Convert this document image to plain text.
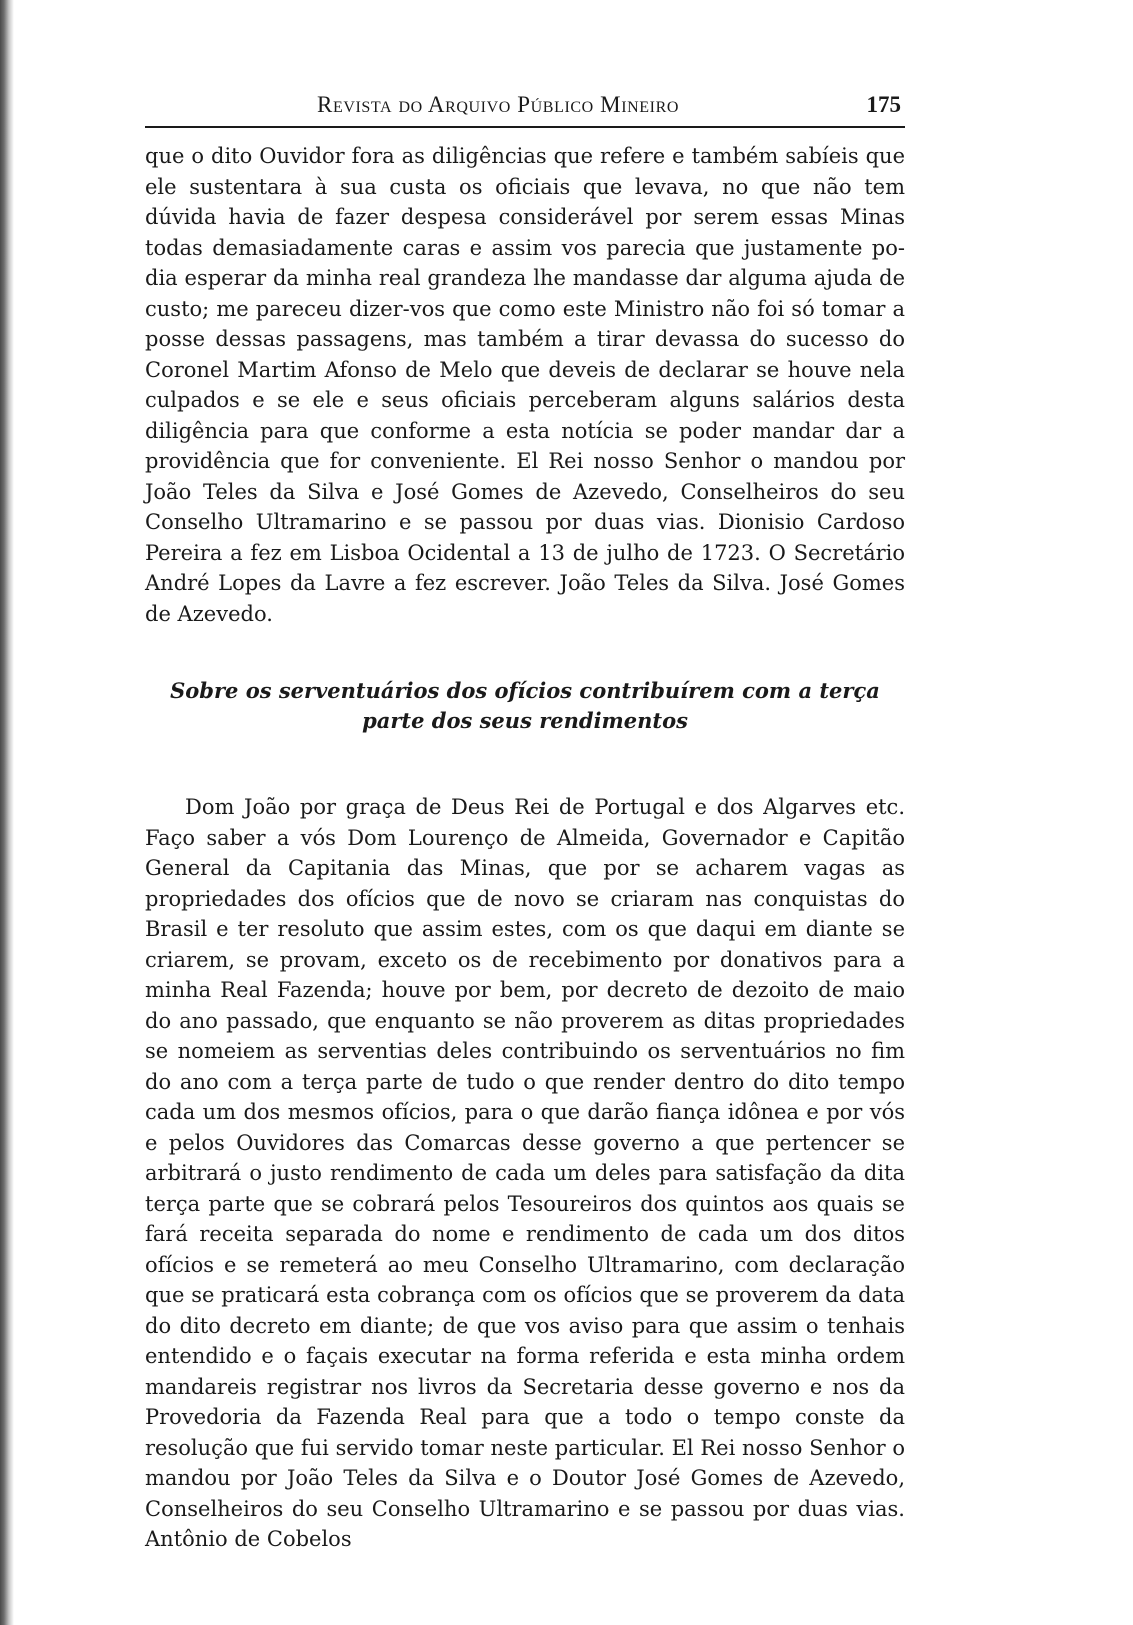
Revista do Arquivo Público Mineiro	175

que o dito Ouvidor fora as diligências que refere e também sabíeis que ele sustentara à sua custa os oficiais que levava, no que não tem dúvida havia de fazer despesa considerável por serem essas Minas todas demasiadamente caras e assim vos parecia que justamente podia esperar da minha real grandeza lhe mandasse dar alguma ajuda de custo; me pareceu dizer-vos que como este Ministro não foi só tomar a posse dessas passagens, mas também a tirar devassa do sucesso do Coronel Martim Afonso de Melo que deveis de declarar se houve nela culpados e se ele e seus oficiais perceberam alguns salários desta diligência para que conforme a esta notícia se poder mandar dar a providência que for conveniente. El Rei nosso Senhor o mandou por João Teles da Silva e José Gomes de Azevedo, Conselheiros do seu Conselho Ultramarino e se passou por duas vias. Dionisio Cardoso Pereira a fez em Lisboa Ocidental a 13 de julho de 1723. O Secretário André Lopes da Lavre a fez escrever. João Teles da Silva. José Gomes de Azevedo.

Sobre os serventuários dos ofícios contribuírem com a terça parte dos seus rendimentos

Dom João por graça de Deus Rei de Portugal e dos Algarves etc. Faço saber a vós Dom Lourenço de Almeida, Governador e Capitão General da Capitania das Minas, que por se acharem vagas as propriedades dos ofícios que de novo se criaram nas conquistas do Brasil e ter resoluto que assim estes, com os que daqui em diante se criarem, se provam, exceto os de recebimento por donativos para a minha Real Fazenda; houve por bem, por decreto de dezoito de maio do ano passado, que enquanto se não proverem as ditas propriedades se nomeiem as serventias deles contribuindo os serventuários no fim do ano com a terça parte de tudo o que render dentro do dito tempo cada um dos mesmos ofícios, para o que darão fiança idônea e por vós e pelos Ouvidores das Comarcas desse governo a que pertencer se arbitrará o justo rendimento de cada um deles para satisfação da dita terça parte que se cobrará pelos Tesoureiros dos quintos aos quais se fará receita separada do nome e rendimento de cada um dos ditos ofícios e se remeterá ao meu Conselho Ultramarino, com declaração que se praticará esta cobrança com os ofícios que se proverem da data do dito decreto em diante; de que vos aviso para que assim o tenhais entendido e o façais executar na forma referida e esta minha ordem mandareis registrar nos livros da Secretaria desse governo e nos da Provedoria da Fazenda Real para que a todo o tempo conste da resolução que fui servido tomar neste particular. El Rei nosso Senhor o mandou por João Teles da Silva e o Doutor José Gomes de Azevedo, Conselheiros do seu Conselho Ultramarino e se passou por duas vias. Antônio de Cobelos
